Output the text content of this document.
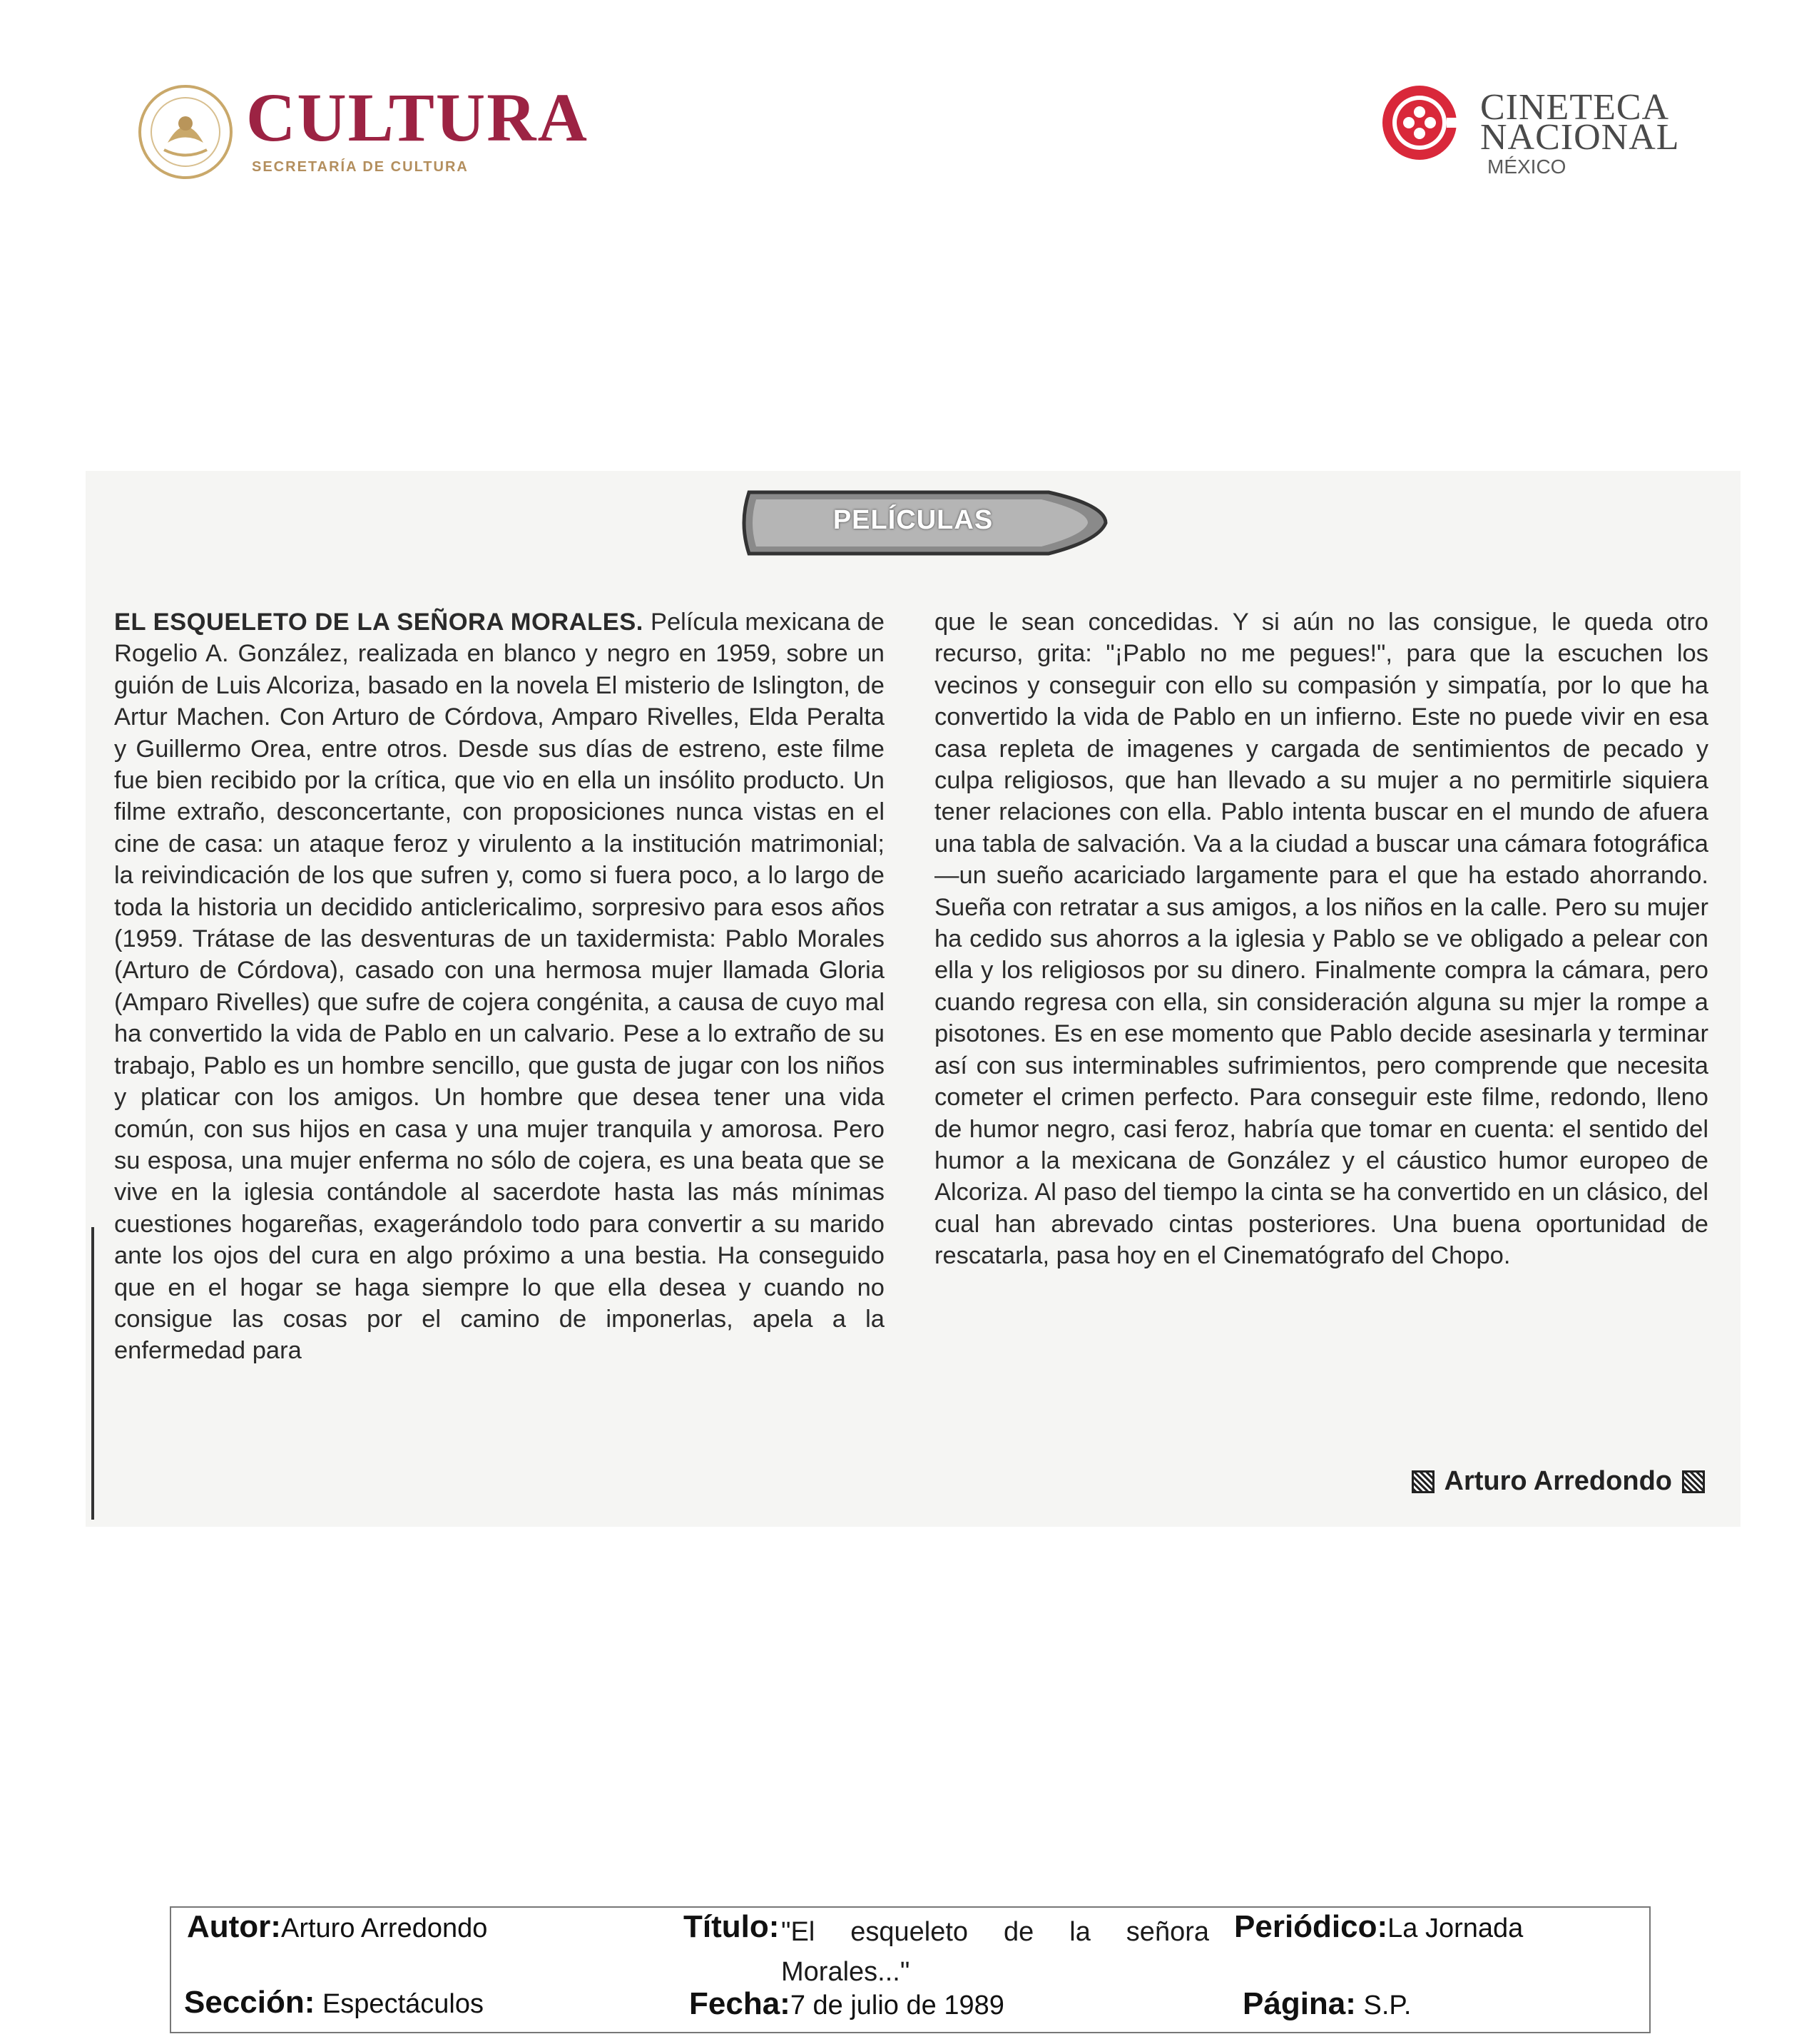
CULTURA
SECRETARÍA DE CULTURA
CINETECA
NACIONAL
MÉXICO
PELÍCULAS
EL ESQUELETO DE LA SEÑORA MORALES. Película mexicana de Rogelio A. González, realizada en blanco y negro en 1959, sobre un guión de Luis Alcoriza, basado en la novela El misterio de Islington, de Artur Machen. Con Arturo de Córdova, Amparo Rivelles, Elda Peralta y Guillermo Orea, entre otros. Desde sus días de estreno, este filme fue bien recibido por la crítica, que vio en ella un insólito producto. Un filme extraño, desconcertante, con proposiciones nunca vistas en el cine de casa: un ataque feroz y virulento a la institución matrimonial; la reivindicación de los que sufren y, como si fuera poco, a lo largo de toda la historia un decidido anticlericalimo, sorpresivo para esos años (1959. Trátase de las desventuras de un taxidermista: Pablo Morales (Arturo de Córdova), casado con una hermosa mujer llamada Gloria (Amparo Rivelles) que sufre de cojera congénita, a causa de cuyo mal ha convertido la vida de Pablo en un calvario. Pese a lo extraño de su trabajo, Pablo es un hombre sencillo, que gusta de jugar con los niños y platicar con los amigos. Un hombre que desea tener una vida común, con sus hijos en casa y una mujer tranquila y amorosa. Pero su esposa, una mujer enferma no sólo de cojera, es una beata que se vive en la iglesia contándole al sacerdote hasta las más mínimas cuestiones hogareñas, exagerándolo todo para convertir a su marido ante los ojos del cura en algo próximo a una bestia. Ha conseguido que en el hogar se haga siempre lo que ella desea y cuando no consigue las cosas por el camino de imponerlas, apela a la enfermedad para
que le sean concedidas. Y si aún no las consigue, le queda otro recurso, grita: "¡Pablo no me pegues!", para que la escuchen los vecinos y conseguir con ello su compasión y simpatía, por lo que ha convertido la vida de Pablo en un infierno. Este no puede vivir en esa casa repleta de imagenes y cargada de sentimientos de pecado y culpa religiosos, que han llevado a su mujer a no permitirle siquiera tener relaciones con ella. Pablo intenta buscar en el mundo de afuera una tabla de salvación. Va a la ciudad a buscar una cámara fotográfica —un sueño acariciado largamente para el que ha estado ahorrando. Sueña con retratar a sus amigos, a los niños en la calle. Pero su mujer ha cedido sus ahorros a la iglesia y Pablo se ve obligado a pelear con ella y los religiosos por su dinero. Finalmente compra la cámara, pero cuando regresa con ella, sin consideración alguna su mjer la rompe a pisotones. Es en ese momento que Pablo decide asesinarla y terminar así con sus interminables sufrimientos, pero comprende que necesita cometer el crimen perfecto. Para conseguir este filme, redondo, lleno de humor negro, casi feroz, habría que tomar en cuenta: el sentido del humor a la mexicana de González y el cáustico humor europeo de Alcoriza. Al paso del tiempo la cinta se ha convertido en un clásico, del cual han abrevado cintas posteriores. Una buena oportunidad de rescatarla, pasa hoy en el Cinematógrafo del Chopo.
Arturo Arredondo
Autor:Arturo Arredondo	Título: "El esqueleto de la señora
Morales..."
Periódico:La Jornada
Sección: Espectáculos	Fecha:7 de julio de 1989	Página: S.P.
